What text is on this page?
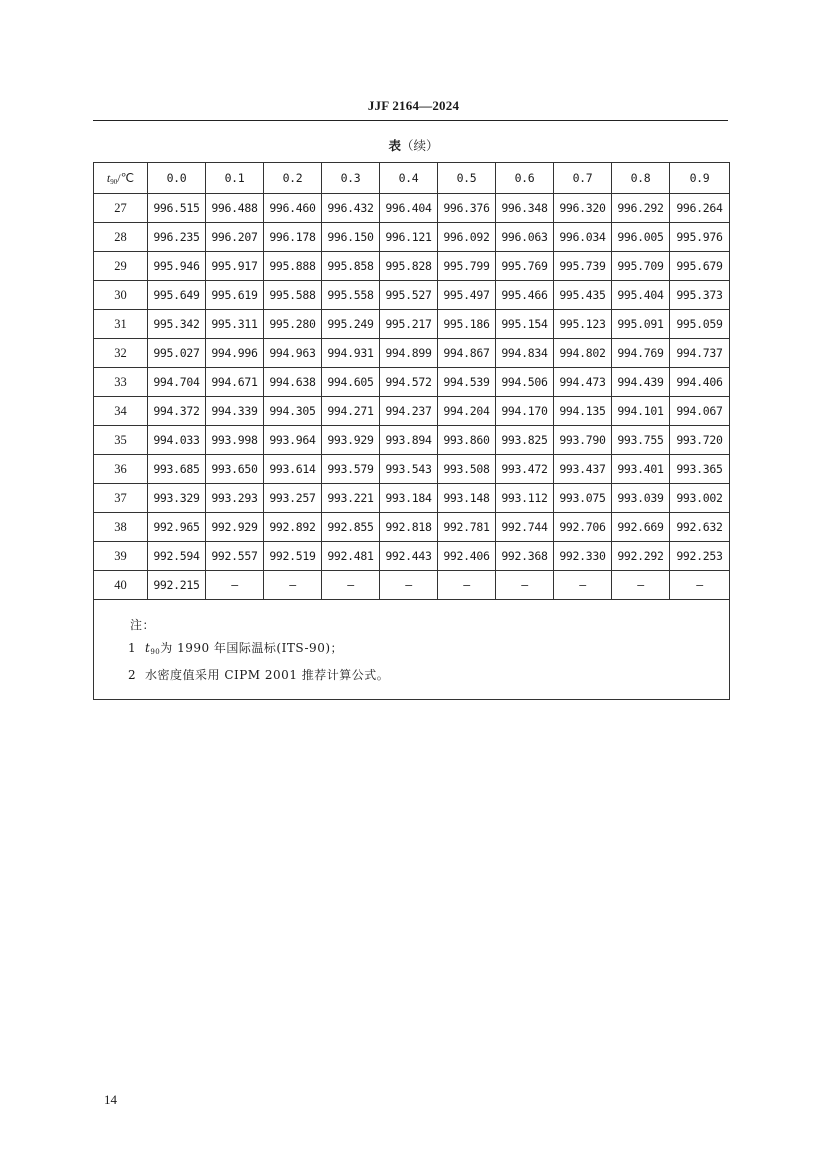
JJF 2164—2024
表（续）
$t_{90}/℃$	0.0	0.1	0.2	0.3	0.4	0.5	0.6	0.7	0.8	0.9
27	996.515	996.488	996.460	996.432	996.404	996.376	996.348	996.320	996.292	996.264
28	996.235	996.207	996.178	996.150	996.121	996.092	996.063	996.034	996.005	995.976
29	995.946	995.917	995.888	995.858	995.828	995.799	995.769	995.739	995.709	995.679
30	995.649	995.619	995.588	995.558	995.527	995.497	995.466	995.435	995.404	995.373
31	995.342	995.311	995.280	995.249	995.217	995.186	995.154	995.123	995.091	995.059
32	995.027	994.996	994.963	994.931	994.899	994.867	994.834	994.802	994.769	994.737
33	994.704	994.671	994.638	994.605	994.572	994.539	994.506	994.473	994.439	994.406
34	994.372	994.339	994.305	994.271	994.237	994.204	994.170	994.135	994.101	994.067
35	994.033	993.998	993.964	993.929	993.894	993.860	993.825	993.790	993.755	993.720
36	993.685	993.650	993.614	993.579	993.543	993.508	993.472	993.437	993.401	993.365
37	993.329	993.293	993.257	993.221	993.184	993.148	993.112	993.075	993.039	993.002
38	992.965	992.929	992.892	992.855	992.818	992.781	992.744	992.706	992.669	992.632
39	992.594	992.557	992.519	992.481	992.443	992.406	992.368	992.330	992.292	992.253
40	992.215	—	—	—	—	—	—	—	—	—

注：
1 $t_{90}$为 1990 年国际温标(ITS-90)；
2 水密度值采用 CIPM 2001 推荐计算公式。										
14
